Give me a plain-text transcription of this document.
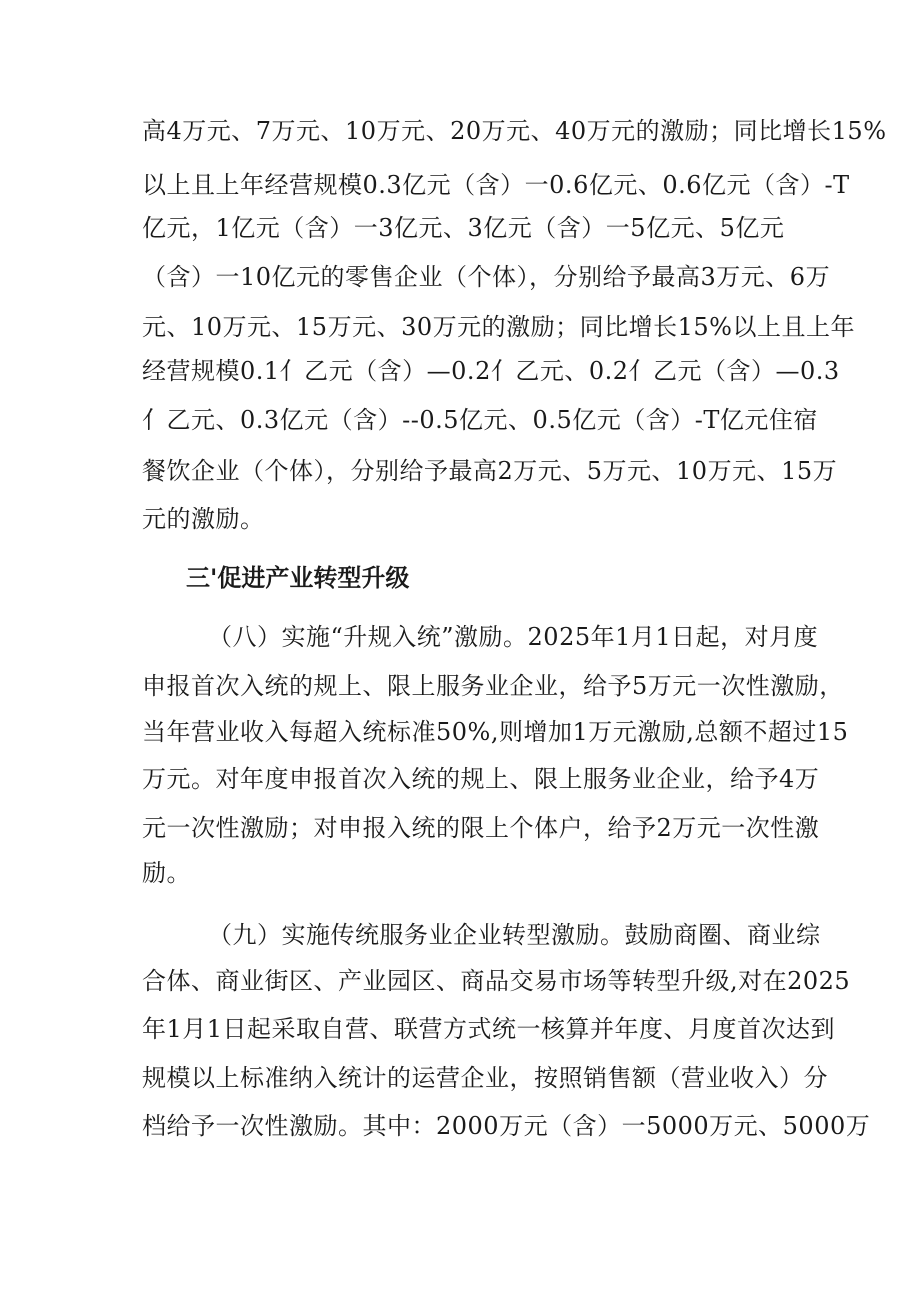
高4万元、7万元、10万元、20万元、40万元的激励；同比增长15%
以上且上年经营规模0.3亿元（含）一0.6亿元、0.6亿元（含）-T
亿元，1亿元（含）一3亿元、3亿元（含）一5亿元、5亿元
（含）一10亿元的零售企业（个体），分别给予最高3万元、6万
元、10万元、15万元、30万元的激励；同比增长15%以上且上年
经营规模0.1亻乙元（含）—0.2亻乙元、0.2亻乙元（含）—0.3
亻乙元、0.3亿元（含）--0.5亿元、0.5亿元（含）-T亿元住宿
餐饮企业（个体），分别给予最高2万元、5万元、10万元、15万
元的激励。
三'促进产业转型升级
（八）实施“升规入统”激励。2025年1月1日起，对月度
申报首次入统的规上、限上服务业企业，给予5万元一次性激励，
当年营业收入每超入统标准50%,则增加1万元激励,总额不超过15
万元。对年度申报首次入统的规上、限上服务业企业，给予4万
元一次性激励；对申报入统的限上个体户，给予2万元一次性激
励。
（九）实施传统服务业企业转型激励。鼓励商圈、商业综
合体、商业街区、产业园区、商品交易市场等转型升级,对在2025
年1月1日起采取自营、联营方式统一核算并年度、月度首次达到
规模以上标准纳入统计的运营企业，按照销售额（营业收入）分
档给予一次性激励。其中：2000万元（含）一5000万元、5000万
